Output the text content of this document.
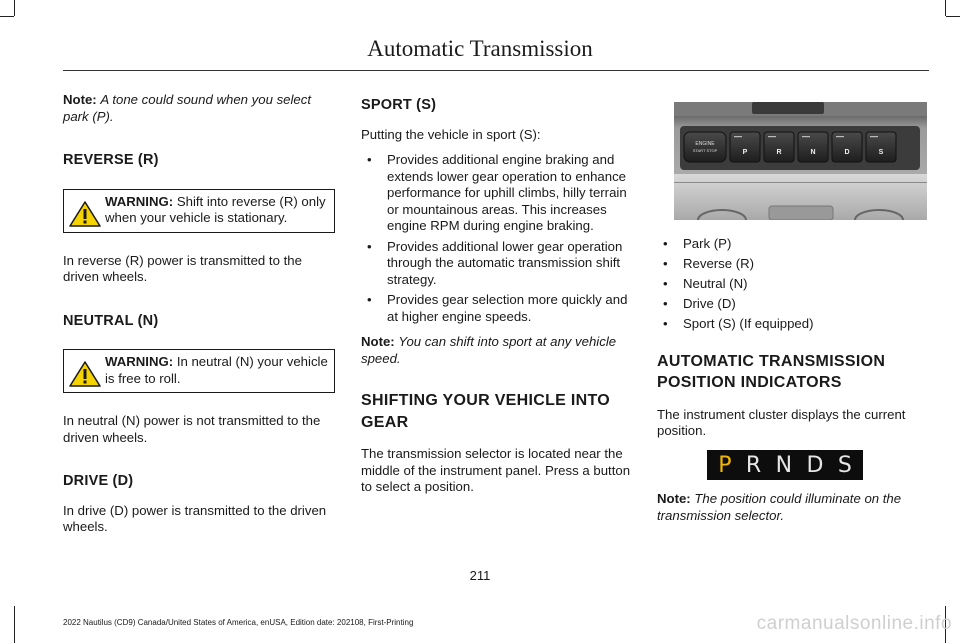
Automatic Transmission

Note: A tone could sound when you select park (P).

REVERSE (R)
WARNING: Shift into reverse (R) only when your vehicle is stationary.

In reverse (R) power is transmitted to the driven wheels.

NEUTRAL (N)
WARNING: In neutral (N) your vehicle is free to roll.

In neutral (N) power is not transmitted to the driven wheels.

DRIVE (D)

In drive (D) power is transmitted to the driven wheels.

SPORT (S)

Putting the vehicle in sport (S):

• Provides additional engine braking and extends lower gear operation to enhance performance for uphill climbs, hilly terrain or mountainous areas. This increases engine RPM during engine braking.
• Provides additional lower gear operation through the automatic transmission shift strategy.
• Provides gear selection more quickly and at higher engine speeds.

Note: You can shift into sport at any vehicle speed.

SHIFTING YOUR VEHICLE INTO
GEAR

The transmission selector is located near the middle of the instrument panel. Press a button to select a position.

ENGINE
START STOP	P	R	N	D	S
• Park (P)
• Reverse (R)
• Neutral (N)
• Drive (D)
• Sport (S) (If equipped)
AUTOMATIC TRANSMISSION
POSITION INDICATORS

The instrument cluster displays the current position.

P R N D S

Note: The position could illuminate on the transmission selector.

211
2022 Nautilus (CD9) Canada/United States of America, enUSA, Edition date: 202108, First-Printing	carmanualsonline.info
